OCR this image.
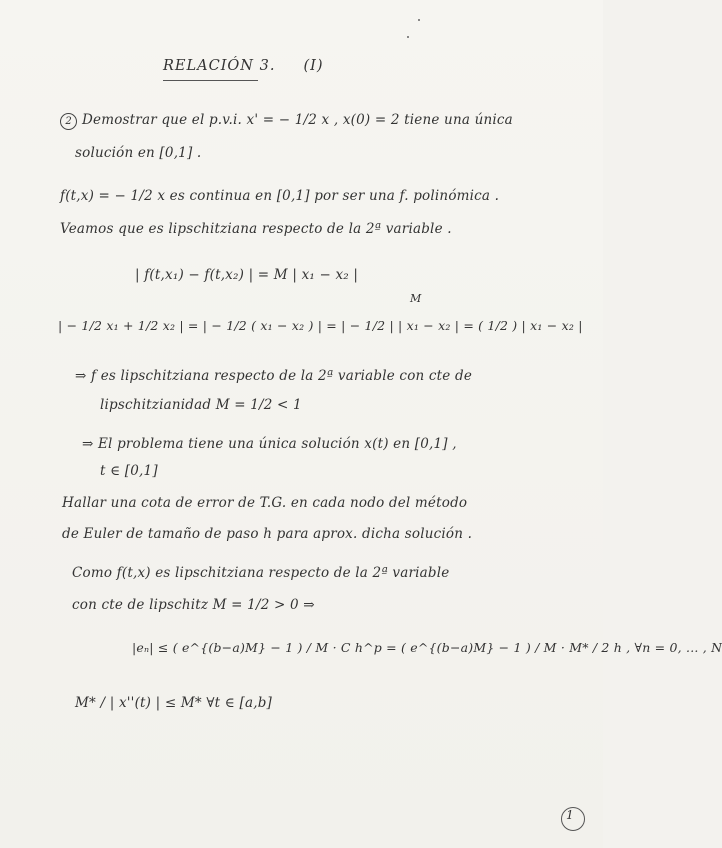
RELACIÓN 3. (I)
2 Demostrar que el p.v.i. x' = − 1/2 x , x(0) = 2 tiene una única
solución en [0,1] .
f(t,x) = − 1/2 x es continua en [0,1] por ser una f. polinómica .
Veamos que es lipschitziana respecto de la 2ª variable .
| f(t,x₁) − f(t,x₂) | = M | x₁ − x₂ |
M
| − 1/2 x₁ + 1/2 x₂ | = | − 1/2 ( x₁ − x₂ ) | = | − 1/2 | | x₁ − x₂ | = ( 1/2 ) | x₁ − x₂ |
⇒ f es lipschitziana respecto de la 2ª variable con cte de
lipschitzianidad M = 1/2 < 1
⇒ El problema tiene una única solución x(t) en [0,1] ,
t ∈ [0,1]
Hallar una cota de error de T.G. en cada nodo del método
de Euler de tamaño de paso h para aprox. dicha solución .
Como f(t,x) es lipschitziana respecto de la 2ª variable
con cte de lipschitz M = 1/2 > 0 ⇒
|eₙ| ≤ ( e^{(b−a)M} − 1 ) / M · C h^p = ( e^{(b−a)M} − 1 ) / M · M* / 2 h , ∀n = 0, ... , N
M* / | x''(t) | ≤ M* ∀t ∈ [a,b]
1
